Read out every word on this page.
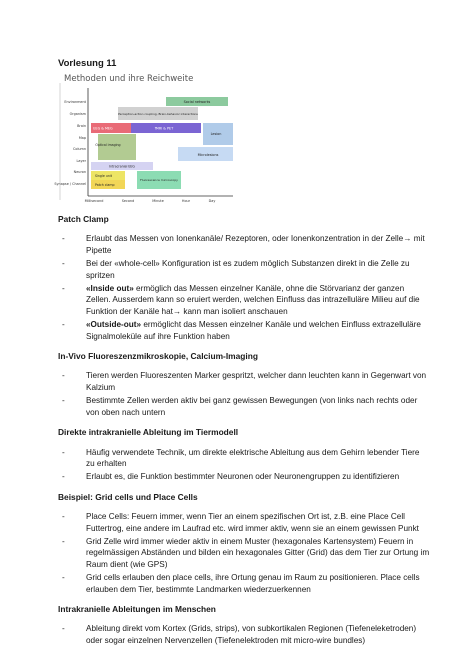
Vorlesung 11
Methoden und ihre Reichweite
Environment
Organism
Brain
Map
Column
Layer
Neuron
Synapse / Channel
Millisecond	Second	Minute	Hour	Day
Social networks
Perception-action coupling, Brain-behavior interactions
EEG & MEG	fMRI & PET
Lesion
Optical imaging
Microlesions
Intracranial EEG
Single unit
Patch clamp
Fluorescence microscopy
Patch Clamp
-	Erlaubt das Messen von Ionenkanäle/ Rezeptoren, oder Ionenkonzentration in der Zelle→ mit Pipette
-	Bei der «whole-cell» Konfiguration ist es zudem möglich Substanzen direkt in die Zelle zu spritzen
-	«Inside out» ermöglich das Messen einzelner Kanäle, ohne die Störvarianz der ganzen Zellen. Ausserdem kann so eruiert werden, welchen Einfluss das intrazelluläre Milieu auf die Funktion der Kanäle hat→ kann man isoliert anschauen
-	«Outside-out» ermöglicht das Messen einzelner Kanäle und welchen Einfluss extrazelluläre Signalmoleküle auf ihre Funktion haben
In-Vivo Fluoreszenzmikroskopie, Calcium-Imaging
-	Tieren werden Fluoreszenten Marker gespritzt, welcher dann leuchten kann in Gegenwart von Kalzium
-	Bestimmte Zellen werden aktiv bei ganz gewissen Bewegungen (von links nach rechts oder von oben nach untern
Direkte intrakranielle Ableitung im Tiermodell
-	Häufig verwendete Technik, um direkte elektrische Ableitung aus dem Gehirn lebender Tiere zu erhalten
-	Erlaubt es, die Funktion bestimmter Neuronen oder Neuronengruppen zu identifizieren
Beispiel: Grid cells und Place Cells
-	Place Cells: Feuern immer, wenn Tier an einem spezifischen Ort ist, z.B. eine Place Cell Futtertrog, eine andere im Laufrad etc. wird immer aktiv, wenn sie an einem gewissen Punkt
-	Grid Zelle wird immer wieder aktiv in einem Muster (hexagonales Kartensystem) Feuern in regelmässigen Abständen und bilden ein hexagonales Gitter (Grid) das dem Tier zur Ortung im Raum dient (wie GPS)
-	Grid cells erlauben den place cells, ihre Ortung genau im Raum zu positionieren. Place cells erlauben dem Tier, bestimmte Landmarken wiederzuerkennen
Intrakranielle Ableitungen im Menschen
-	Ableitung direkt vom Kortex (Grids, strips), von subkortikalen Regionen (Tiefeneleketroden) oder sogar einzelnen Nervenzellen (Tiefenelektroden mit micro-wire bundles)
